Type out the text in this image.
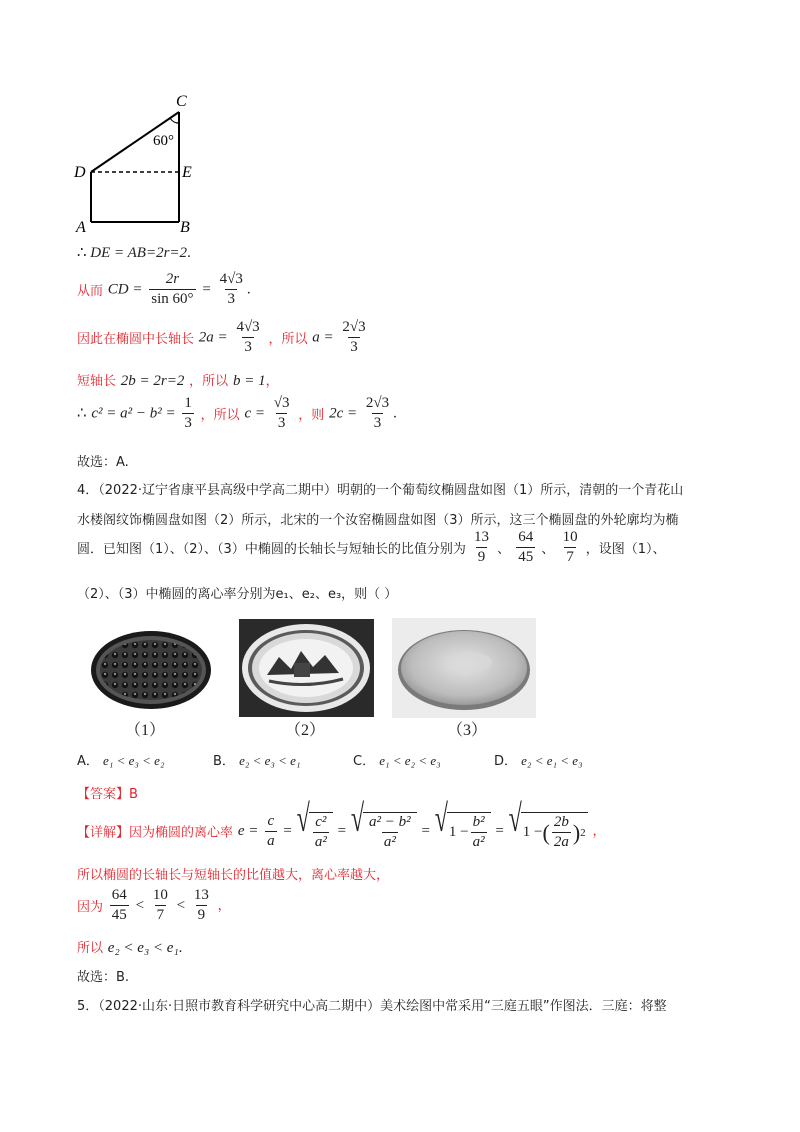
C
60°
D	E
A	B
∴ DE = AB=2r=2.
从而 CD = $\frac{2r}{\sin 60^\circ} = \frac{4√3}{3}$ .
因此在椭圆中长轴长 $2a = \frac{4√3}{3}$ ，所以 $a = \frac{2√3}{3}$
短轴长 2b = 2r=2 ，所以 b = 1，
∴ $c^2 = a^2 - b^2 = \frac{1}{3}$ ，所以 $c = \frac{√3}{3}$ ，则 $2c = \frac{2√3}{3}$ .
故选：A.
4．（2022·辽宁省康平县高级中学高二期中）明朝的一个葡萄纹椭圆盘如图（1）所示，清朝的一个青花山
水楼阁纹饰椭圆盘如图（2）所示，北宋的一个汝窑椭圆盘如图（3）所示，这三个椭圆盘的外轮廓均为椭
圆．已知图（1）、（2）、（3）中椭圆的长轴长与短轴长的比值分别为 $\frac{13}{9}$ 、 $\frac{64}{45}$ 、 $\frac{10}{7}$ ，设图（1）、
（2）、（3）中椭圆的离心率分别为e₁、e₂、e₃，则（ ）
（1）	（2）	（3）
A． e₁ < e₃ < e₂	B． e₂ < e₃ < e₁	C． e₁ < e₂ < e₃	D． e₂ < e₁ < e₃
【答案】B
【详解】因为椭圆的离心率 $e = \frac{c}{a}$ = √ $\frac{\text{c²}}{\text{a²}}$ = √ $\frac{\text{a² − b²}}{\text{a²}}$ = √ $1 - \frac{\text{b²}}{\text{a²}}$ = √ 1 − ( $\frac{2b}{2a}$ ) 2 ，
所以椭圆的长轴长与短轴长的比值越大，离心率越大，
因为 $\frac{64}{45} < \frac{10}{7} < \frac{13}{9}$ ，
所以 e₂ < e₃ < e₁.
故选：B.
5．（2022·山东·日照市教育科学研究中心高二期中）美术绘图中常采用“三庭五眼”作图法．三庭：将整
